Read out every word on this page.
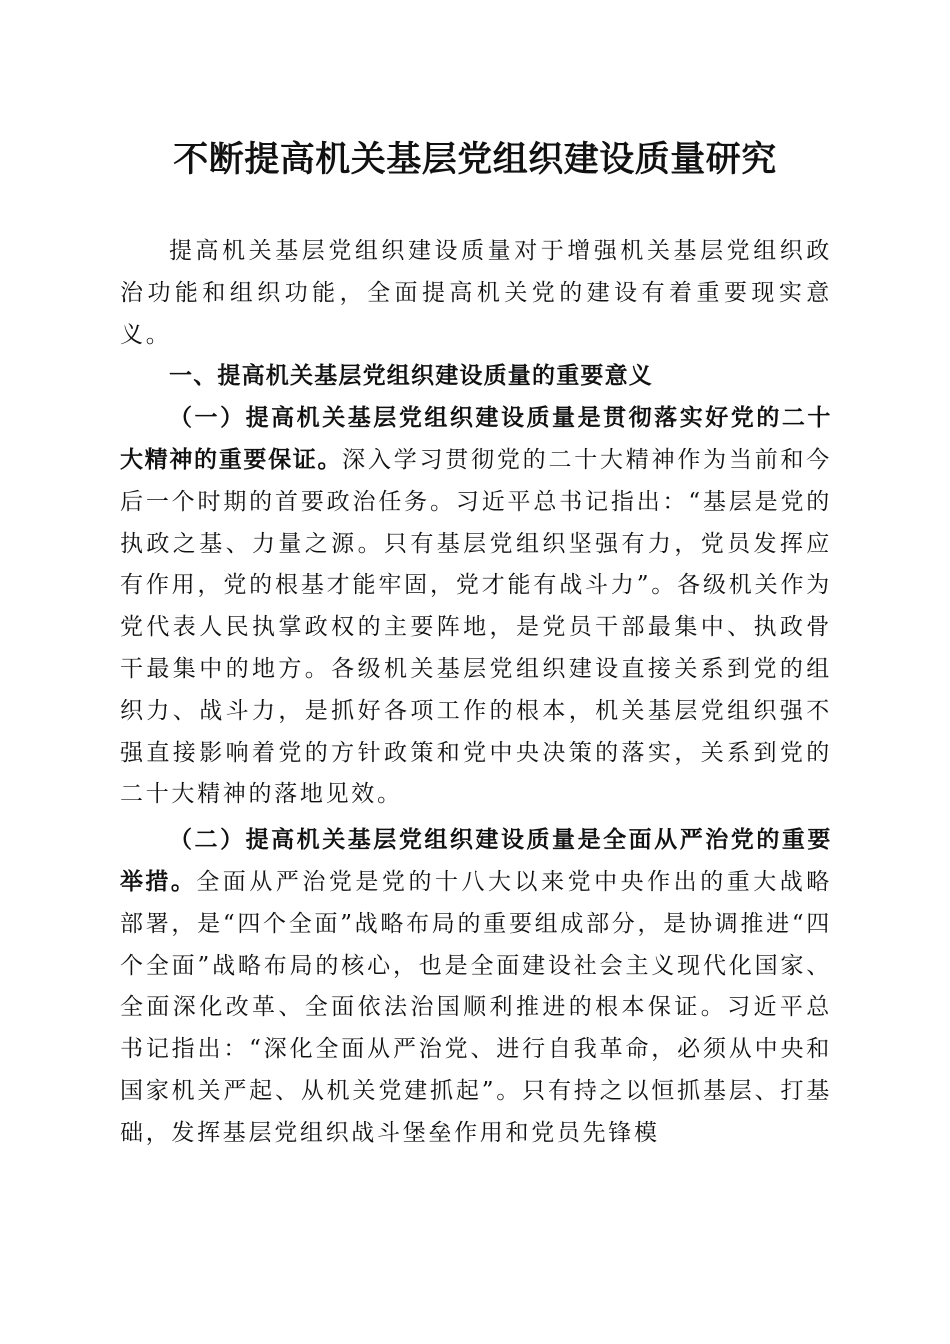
不断提高机关基层党组织建设质量研究

提高机关基层党组织建设质量对于增强机关基层党组织政治功能和组织功能，全面提高机关党的建设有着重要现实意义。

一、提高机关基层党组织建设质量的重要意义

（一）提高机关基层党组织建设质量是贯彻落实好党的二十大精神的重要保证。深入学习贯彻党的二十大精神作为当前和今后一个时期的首要政治任务。习近平总书记指出：“基层是党的执政之基、力量之源。只有基层党组织坚强有力，党员发挥应有作用，党的根基才能牢固，党才能有战斗力”。各级机关作为党代表人民执掌政权的主要阵地，是党员干部最集中、执政骨干最集中的地方。各级机关基层党组织建设直接关系到党的组织力、战斗力，是抓好各项工作的根本，机关基层党组织强不强直接影响着党的方针政策和党中央决策的落实，关系到党的二十大精神的落地见效。

（二）提高机关基层党组织建设质量是全面从严治党的重要举措。全面从严治党是党的十八大以来党中央作出的重大战略部署，是“四个全面”战略布局的重要组成部分，是协调推进“四个全面”战略布局的核心，也是全面建设社会主义现代化国家、全面深化改革、全面依法治国顺利推进的根本保证。习近平总书记指出：“深化全面从严治党、进行自我革命，必须从中央和国家机关严起、从机关党建抓起”。只有持之以恒抓基层、打基础，发挥基层党组织战斗堡垒作用和党员先锋模
